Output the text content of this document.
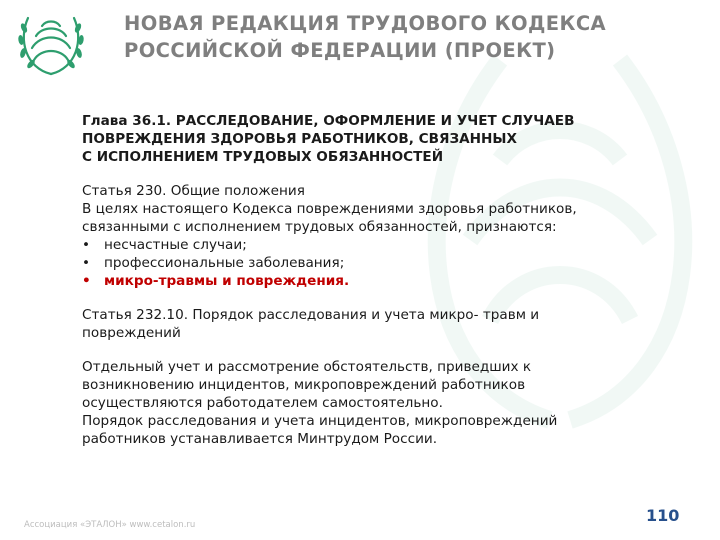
НОВАЯ РЕДАКЦИЯ ТРУДОВОГО КОДЕКСА
РОССИЙСКОЙ ФЕДЕРАЦИИ (ПРОЕКТ)
Глава 36.1. РАССЛЕДОВАНИЕ, ОФОРМЛЕНИЕ И УЧЕТ СЛУЧАЕВ
ПОВРЕЖДЕНИЯ ЗДОРОВЬЯ РАБОТНИКОВ, СВЯЗАННЫХ
С ИСПОЛНЕНИЕМ ТРУДОВЫХ ОБЯЗАННОСТЕЙ
Статья 230. Общие положения
В целях настоящего Кодекса повреждениями здоровья работников,
связанными с исполнением трудовых обязанностей, признаются:
• несчастные случаи;
• профессиональные заболевания;
• микро-травмы и повреждения.
Статья 232.10. Порядок расследования и учета микро- травм и
повреждений
Отдельный учет и рассмотрение обстоятельств, приведших к
возникновению инцидентов, микроповреждений работников
осуществляются работодателем самостоятельно.
Порядок расследования и учета инцидентов, микроповреждений
работников устанавливается Минтрудом России.
Ассоциация «ЭТАЛОН» www.cetalon.ru	110
